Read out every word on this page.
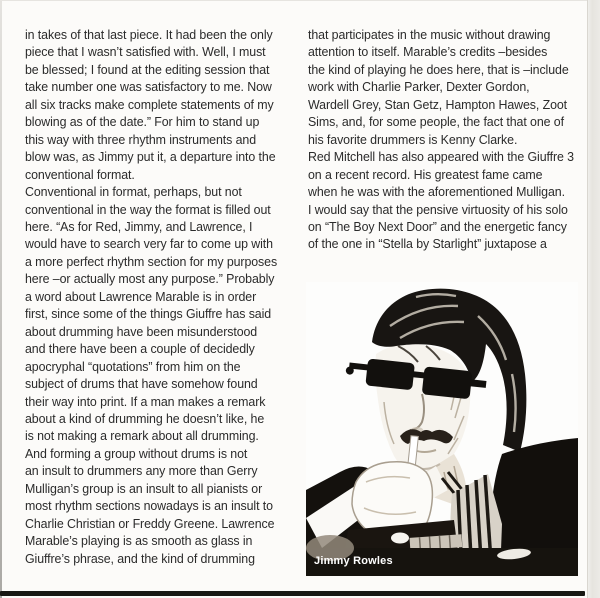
in takes of that last piece. It had been the only
piece that I wasn’t satisfied with. Well, I must
be blessed; I found at the editing session that
take number one was satisfactory to me. Now
all six tracks make complete statements of my
blowing as of the date.” For him to stand up
this way with three rhythm instruments and
blow was, as Jimmy put it, a departure into the
conventional format.
Conventional in format, perhaps, but not
conventional in the way the format is filled out
here. “As for Red, Jimmy, and Lawrence, I
would have to search very far to come up with
a more perfect rhythm section for my purposes
here –or actually most any purpose.” Probably
a word about Lawrence Marable is in order
first, since some of the things Giuffre has said
about drumming have been misunderstood
and there have been a couple of decidedly
apocryphal “quotations” from him on the
subject of drums that have somehow found
their way into print. If a man makes a remark
about a kind of drumming he doesn’t like, he
is not making a remark about all drumming.
And forming a group without drums is not
an insult to drummers any more than Gerry
Mulligan’s group is an insult to all pianists or
most rhythm sections nowadays is an insult to
Charlie Christian or Freddy Greene. Lawrence
Marable’s playing is as smooth as glass in
Giuffre’s phrase, and the kind of drumming
that participates in the music without drawing
attention to itself. Marable’s credits –besides
the kind of playing he does here, that is –include
work with Charlie Parker, Dexter Gordon,
Wardell Grey, Stan Getz, Hampton Hawes, Zoot
Sims, and, for some people, the fact that one of
his favorite drummers is Kenny Clarke.
Red Mitchell has also appeared with the Giuffre 3
on a recent record. His greatest fame came
when he was with the aforementioned Mulligan.
I would say that the pensive virtuosity of his solo
on “The Boy Next Door” and the energetic fancy
of the one in “Stella by Starlight” juxtapose a
Jimmy Rowles
